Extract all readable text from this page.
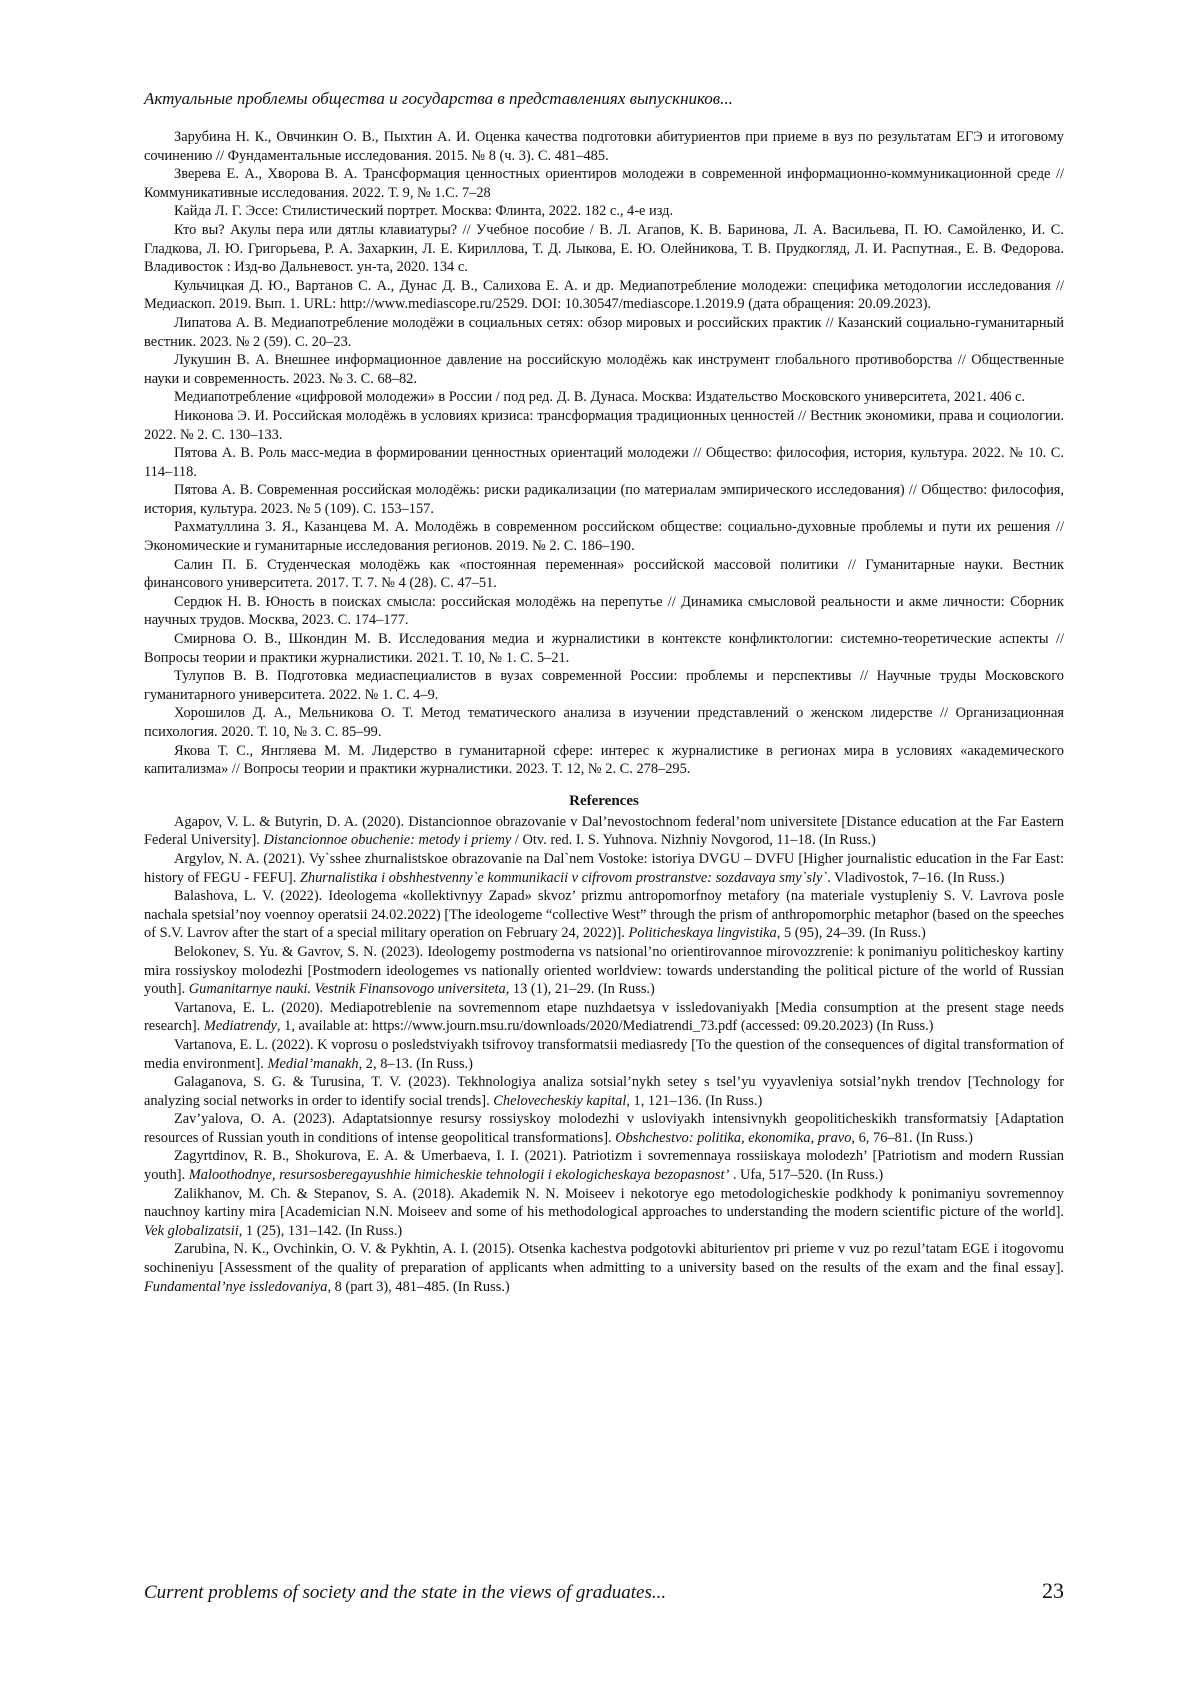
Актуальные проблемы общества и государства в представлениях выпускников...

Зарубина Н. К., Овчинкин О. В., Пыхтин А. И. Оценка качества подготовки абитуриентов при приеме в вуз по результатам ЕГЭ и итоговому сочинению // Фундаментальные исследования. 2015. № 8 (ч. 3). С. 481–485.

Зверева Е. А., Хворова В. А. Трансформация ценностных ориентиров молодежи в современной информационно-коммуникационной среде // Коммуникативные исследования. 2022. Т. 9, № 1.С. 7–28

Кайда Л. Г. Эссе: Стилистический портрет. Москва: Флинта, 2022. 182 с., 4-е изд.

Кто вы? Акулы пера или дятлы клавиатуры? // Учебное пособие / В. Л. Агапов, К. В. Баринова, Л. А. Васильева, П. Ю. Самойленко, И. С. Гладкова, Л. Ю. Григорьева, Р. А. Захаркин, Л. Е. Кириллова, Т. Д. Лыкова, Е. Ю. Олейникова, Т. В. Прудкогляд, Л. И. Распутная., Е. В. Федорова. Владивосток : Изд-во Дальневост. ун-та, 2020. 134 с.

Кульчицкая Д. Ю., Вартанов С. А., Дунас Д. В., Салихова Е. А. и др. Медиапотребление молодежи: специфика методологии исследования // Медиаскоп. 2019. Вып. 1. URL: http://www.mediascope.ru/2529. DOI: 10.30547/mediascope.1.2019.9 (дата обращения: 20.09.2023).

Липатова А. В. Медиапотребление молодёжи в социальных сетях: обзор мировых и российских практик // Казанский социально-гуманитарный вестник. 2023. № 2 (59). С. 20–23.

Лукушин В. А. Внешнее информационное давление на российскую молодёжь как инструмент глобального противоборства // Общественные науки и современность. 2023. № 3. С. 68–82.

Медиапотребление «цифровой молодежи» в России / под ред. Д. В. Дунаса. Москва: Издательство Московского университета, 2021. 406 с.

Никонова Э. И. Российская молодёжь в условиях кризиса: трансформация традиционных ценностей // Вестник экономики, права и социологии. 2022. № 2. С. 130–133.

Пятова А. В. Роль масс-медиа в формировании ценностных ориентаций молодежи // Общество: философия, история, культура. 2022. № 10. С. 114–118.

Пятова А. В. Современная российская молодёжь: риски радикализации (по материалам эмпирического исследования) // Общество: философия, история, культура. 2023. № 5 (109). С. 153–157.

Рахматуллина З. Я., Казанцева М. А. Молодёжь в современном российском обществе: социально-духовные проблемы и пути их решения // Экономические и гуманитарные исследования регионов. 2019. № 2. С. 186–190.

Салин П. Б. Студенческая молодёжь как «постоянная переменная» российской массовой политики // Гуманитарные науки. Вестник финансового университета. 2017. Т. 7. № 4 (28). С. 47–51.

Сердюк Н. В. Юность в поисках смысла: российская молодёжь на перепутье // Динамика смысловой реальности и акме личности: Сборник научных трудов. Москва, 2023. С. 174–177.

Смирнова О. В., Шкондин М. В. Исследования медиа и журналистики в контексте конфликтологии: системно-теоретические аспекты // Вопросы теории и практики журналистики. 2021. Т. 10, № 1. С. 5–21.

Тулупов В. В. Подготовка медиаспециалистов в вузах современной России: проблемы и перспективы // Научные труды Московского гуманитарного университета. 2022. № 1. С. 4–9.

Хорошилов Д. А., Мельникова О. Т. Метод тематического анализа в изучении представлений о женском лидерстве // Организационная психология. 2020. Т. 10, № 3. С. 85–99.

Якова Т. С., Янгляева М. М. Лидерство в гуманитарной сфере: интерес к журналистике в регионах мира в условиях «академического капитализма» // Вопросы теории и практики журналистики. 2023. Т. 12, № 2. С. 278–295.

References

Agapov, V. L. & Butyrin, D. A. (2020). Distancionnoe obrazovanie v Dal’nevostochnom federal’nom universitete [Distance education at the Far Eastern Federal University]. Distancionnoe obuchenie: metody i priemy / Otv. red. I. S. Yuhnova. Nizhniy Novgorod, 11–18. (In Russ.)

Argylov, N. A. (2021). Vy`sshee zhurnalistskoe obrazovanie na Dal`nem Vostoke: istoriya DVGU – DVFU [Higher journalistic education in the Far East: history of FEGU - FEFU]. Zhurnalistika i obshhestvenny`e kommunikacii v cifrovom prostranstve: sozdavaya smy`sly`. Vladivostok, 7–16. (In Russ.)

Balashova, L. V. (2022). Ideologema «kollektivnyy Zapad» skvoz’ prizmu antropomorfnoy metafory (na materiale vystupleniy S. V. Lavrova posle nachala spetsial’noy voennoy operatsii 24.02.2022) [The ideologeme “collective West” through the prism of anthropomorphic metaphor (based on the speeches of S.V. Lavrov after the start of a special military operation on February 24, 2022)]. Politicheskaya lingvistika, 5 (95), 24–39. (In Russ.)

Belokonev, S. Yu. & Gavrov, S. N. (2023). Ideologemy postmoderna vs natsional’no orientirovannoe mirovozzrenie: k ponimaniyu politicheskoy kartiny mira rossiyskoy molodezhi [Postmodern ideologemes vs nationally oriented worldview: towards understanding the political picture of the world of Russian youth]. Gumanitarnye nauki. Vestnik Finansovogo universiteta, 13 (1), 21–29. (In Russ.)

Vartanova, E. L. (2020). Mediapotreblenie na sovremennom etape nuzhdaetsya v issledovaniyakh [Media consumption at the present stage needs research]. Mediatrendy, 1, available at: https://www.journ.msu.ru/downloads/2020/Mediatrendi_73.pdf (accessed: 09.20.2023) (In Russ.)

Vartanova, E. L. (2022). K voprosu o posledstviyakh tsifrovoy transformatsii mediasredy [To the question of the consequences of digital transformation of media environment]. Medial’manakh, 2, 8–13. (In Russ.)

Galaganova, S. G. & Turusina, T. V. (2023). Tekhnologiya analiza sotsial’nykh setey s tsel’yu vyyavleniya sotsial’nykh trendov [Technology for analyzing social networks in order to identify social trends]. Chelovecheskiy kapital, 1, 121–136. (In Russ.)

Zav’yalova, O. A. (2023). Adaptatsionnye resursy rossiyskoy molodezhi v usloviyakh intensivnykh geopoliticheskikh transformatsiy [Adaptation resources of Russian youth in conditions of intense geopolitical transformations]. Obshchestvo: politika, ekonomika, pravo, 6, 76–81. (In Russ.)

Zagyrtdinov, R. B., Shokurova, E. A. & Umerbaeva, I. I. (2021). Patriotizm i sovremennaya rossiiskaya molodezh’ [Patriotism and modern Russian youth]. Maloothodnye, resursosberegayushhie himicheskie tehnologii i ekologicheskaya bezopasnost’ . Ufa, 517–520. (In Russ.)

Zalikhanov, M. Ch. & Stepanov, S. A. (2018). Akademik N. N. Moiseev i nekotorye ego metodologicheskie podkhody k ponimaniyu sovremennoy nauchnoy kartiny mira [Academician N.N. Moiseev and some of his methodological approaches to understanding the modern scientific picture of the world]. Vek globalizatsii, 1 (25), 131–142. (In Russ.)

Zarubina, N. K., Ovchinkin, O. V. & Pykhtin, A. I. (2015). Otsenka kachestva podgotovki abiturientov pri prieme v vuz po rezul’tatam EGE i itogovomu sochineniyu [Assessment of the quality of preparation of applicants when admitting to a university based on the results of the exam and the final essay]. Fundamental’nye issledovaniya, 8 (part 3), 481–485. (In Russ.)

Current problems of society and the state in the views of graduates...	23
